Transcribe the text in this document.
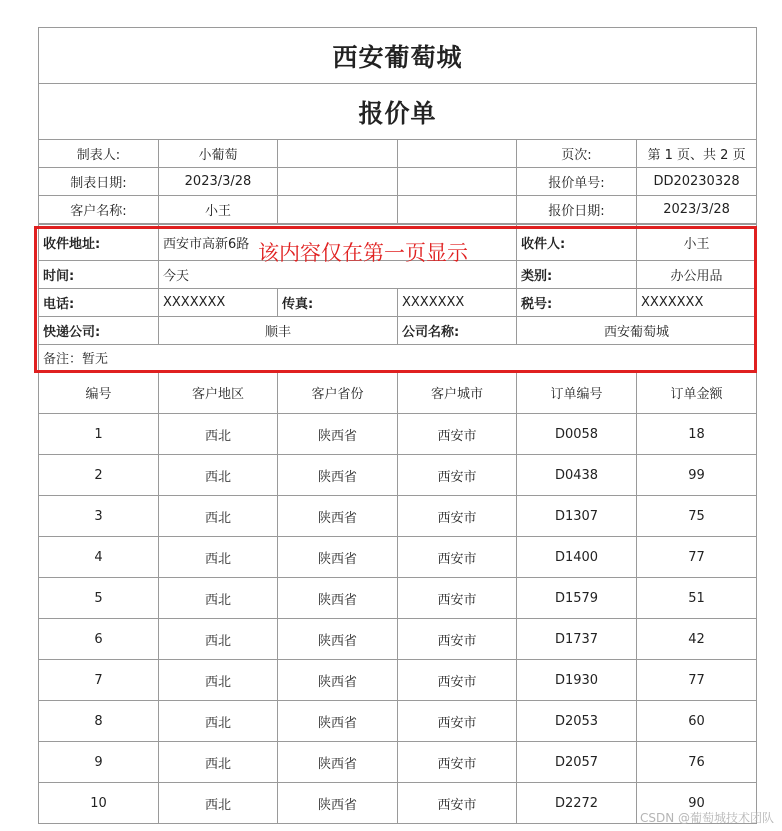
西安葡萄城					
报价单					
制表人:	小葡萄			页次:	第 1 页、共 2 页
制表日期:	2023/3/28			报价单号:	DD20230328
客户名称:	小王			报价日期:	2023/3/28
收件地址:	西安市高新6路			收件人:	小王
时间:	今天			类别:	办公用品
电话:	XXXXXXX	传真:	XXXXXXX	税号:	XXXXXXX
快递公司:	顺丰		公司名称:	西安葡萄城	
备注：暂无					
编号	客户地区	客户省份	客户城市	订单编号	订单金额
1	西北	陕西省	西安市	D0058	18
2	西北	陕西省	西安市	D0438	99
3	西北	陕西省	西安市	D1307	75
4	西北	陕西省	西安市	D1400	77
5	西北	陕西省	西安市	D1579	51
6	西北	陕西省	西安市	D1737	42
7	西北	陕西省	西安市	D1930	77
8	西北	陕西省	西安市	D2053	60
9	西北	陕西省	西安市	D2057	76
10	西北	陕西省	西安市	D2272	90
该内容仅在第一页显示
CSDN @葡萄城技术团队
